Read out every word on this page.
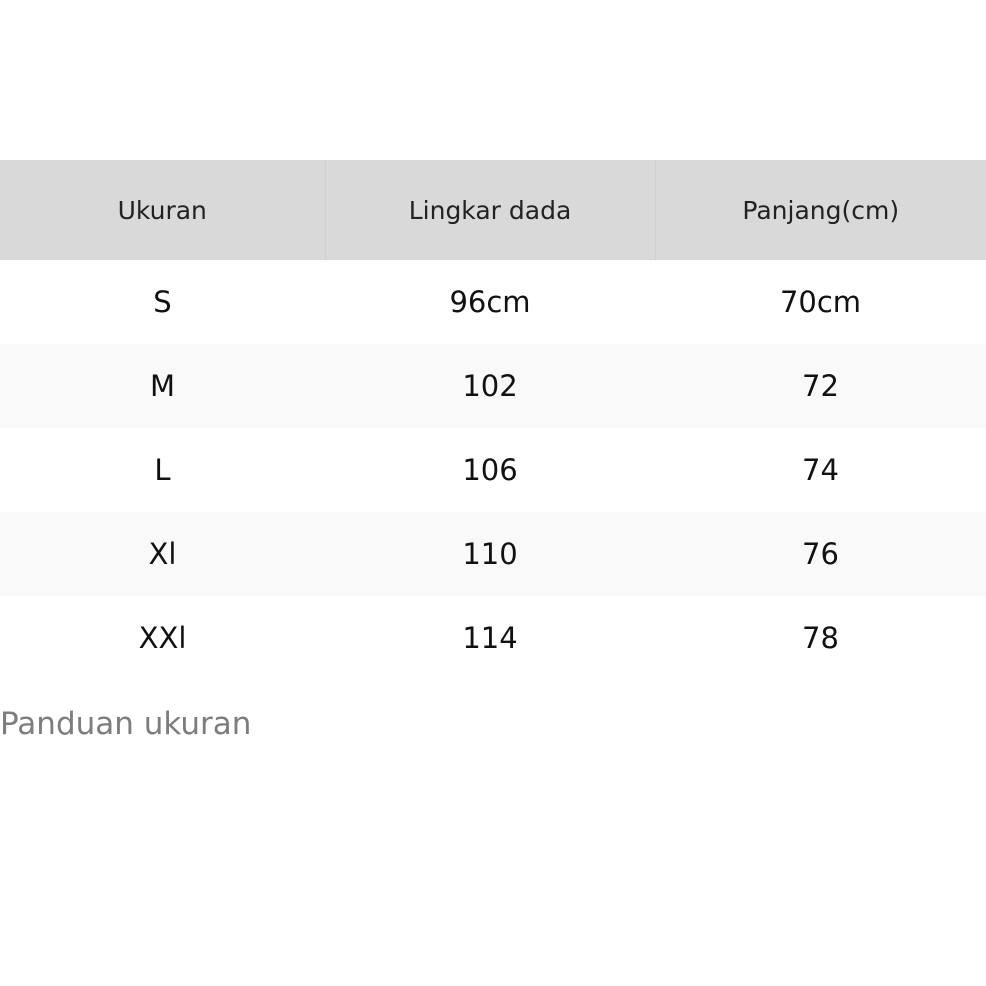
Ukuran	Lingkar dada	Panjang(cm)
S	96cm	70cm
M	102	72
L	106	74
Xl	110	76
XXl	114	78

Panduan ukuran
